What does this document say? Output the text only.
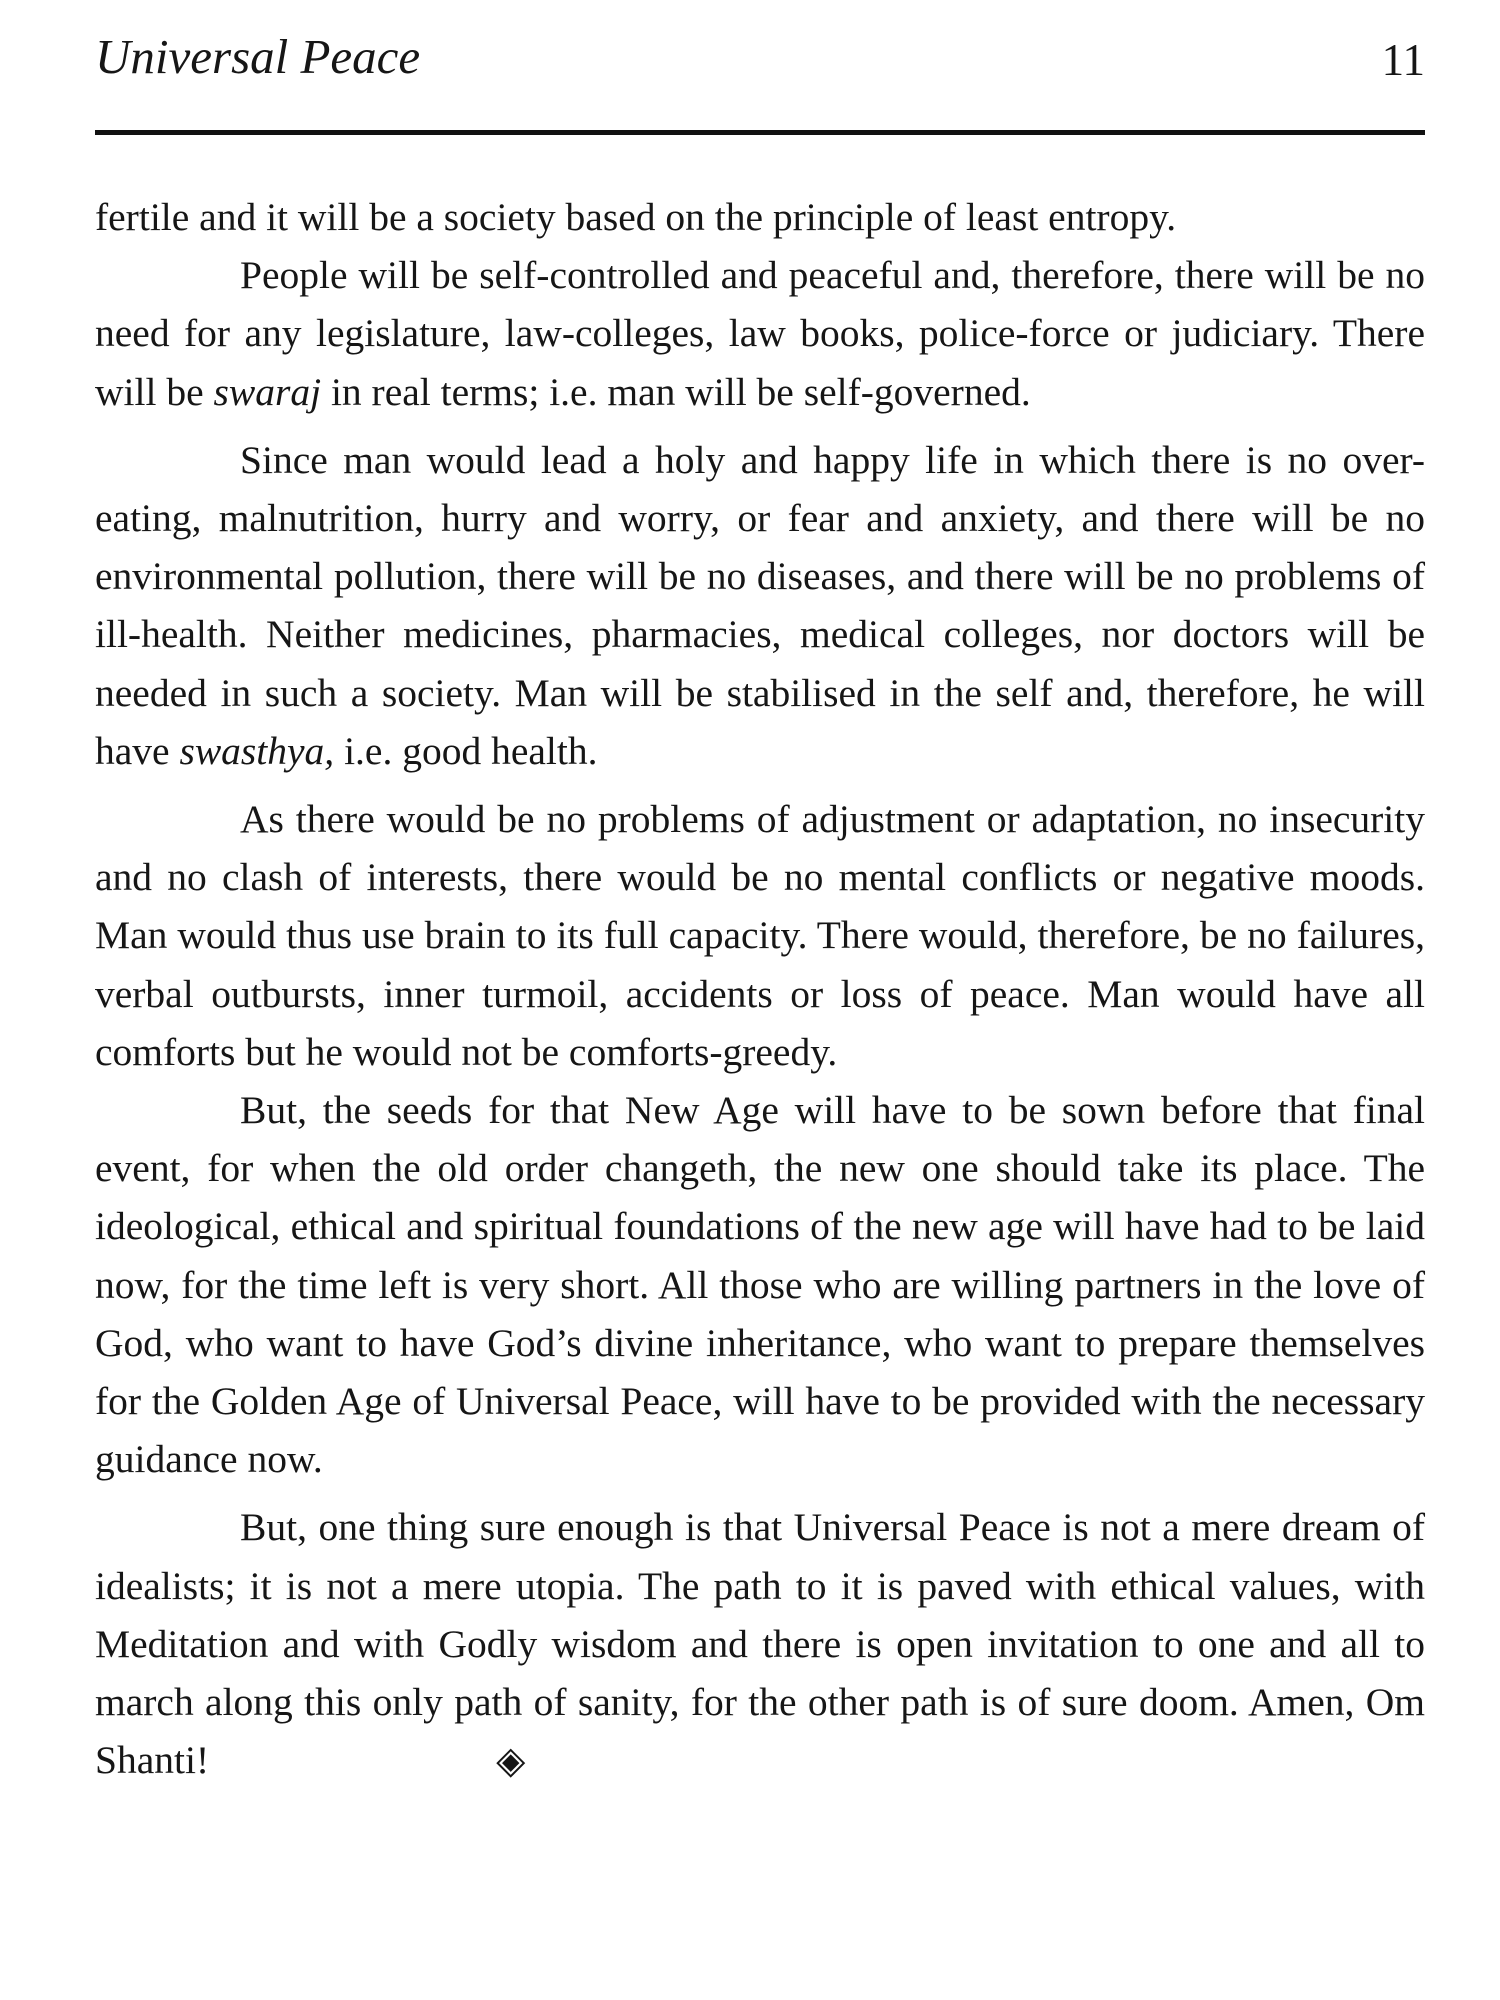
Universal Peace	11

fertile and it will be a society based on the principle of least entropy.

People will be self-controlled and peaceful and, therefore, there will be no need for any legislature, law-colleges, law books, police-force or judiciary. There will be swaraj in real terms; i.e. man will be self-governed.

Since man would lead a holy and happy life in which there is no over-eating, malnutrition, hurry and worry, or fear and anxiety, and there will be no environmental pollution, there will be no diseases, and there will be no problems of ill-health. Neither medicines, pharmacies, medical colleges, nor doctors will be needed in such a society. Man will be stabilised in the self and, therefore, he will have swasthya, i.e. good health.

As there would be no problems of adjustment or adaptation, no insecurity and no clash of interests, there would be no mental conflicts or negative moods. Man would thus use brain to its full capacity. There would, therefore, be no failures, verbal outbursts, inner turmoil, accidents or loss of peace. Man would have all comforts but he would not be comforts-greedy.

But, the seeds for that New Age will have to be sown before that final event, for when the old order changeth, the new one should take its place. The ideological, ethical and spiritual foundations of the new age will have had to be laid now, for the time left is very short. All those who are willing partners in the love of God, who want to have God’s divine inheritance, who want to prepare themselves for the Golden Age of Universal Peace, will have to be provided with the necessary guidance now.

But, one thing sure enough is that Universal Peace is not a mere dream of idealists; it is not a mere utopia. The path to it is paved with ethical values, with Meditation and with Godly wisdom and there is open invitation to one and all to march along this only path of sanity, for the other path is of sure doom. Amen, Om Shanti!	◈
